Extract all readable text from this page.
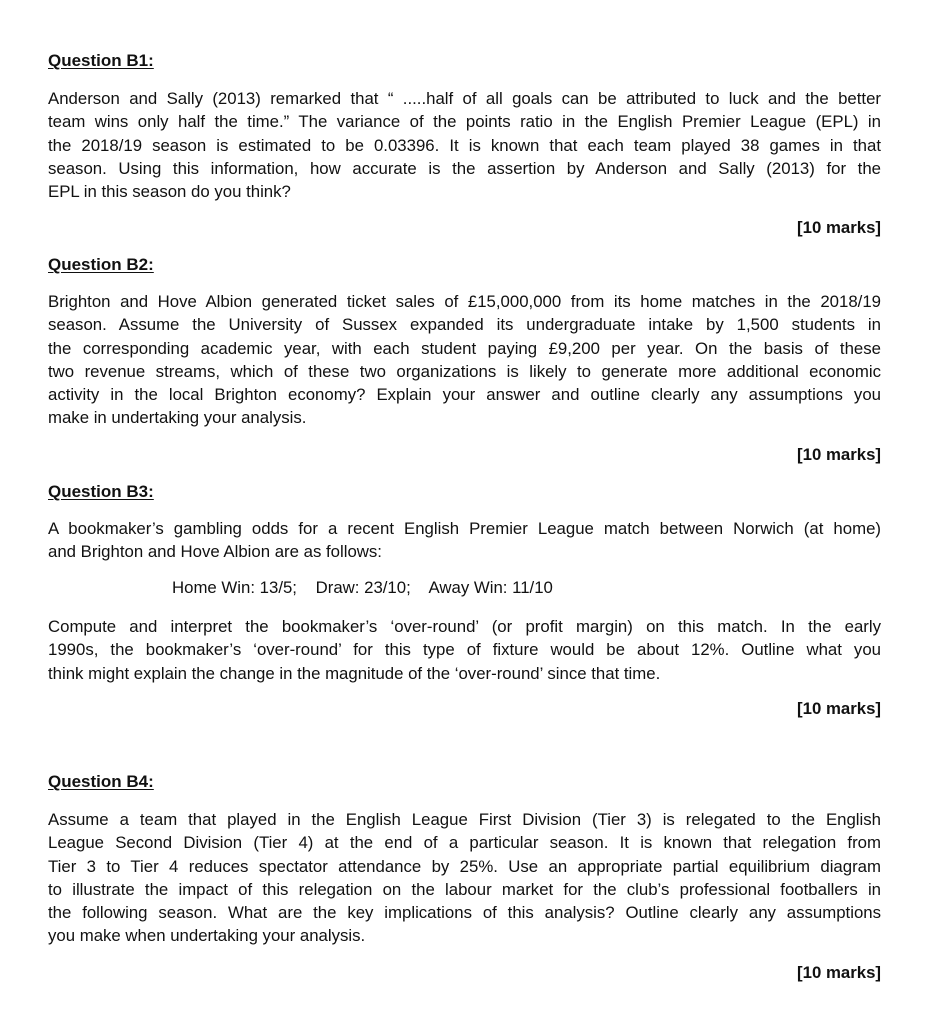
Question B1:

Anderson and Sally (2013) remarked that “ .....half of all goals can be attributed to luck and the better
team wins only half the time.” The variance of the points ratio in the English Premier League (EPL) in
the 2018/19 season is estimated to be 0.03396. It is known that each team played 38 games in that
season. Using this information, how accurate is the assertion by Anderson and Sally (2013) for the
EPL in this season do you think?

[10 marks]

Question B2:

Brighton and Hove Albion generated ticket sales of £15,000,000 from its home matches in the 2018/19
season. Assume the University of Sussex expanded its undergraduate intake by 1,500 students in
the corresponding academic year, with each student paying £9,200 per year. On the basis of these
two revenue streams, which of these two organizations is likely to generate more additional economic
activity in the local Brighton economy? Explain your answer and outline clearly any assumptions you
make in undertaking your analysis.

[10 marks]

Question B3:

A bookmaker’s gambling odds for a recent English Premier League match between Norwich (at home)
and Brighton and Hove Albion are as follows:

Home Win: 13/5;    Draw: 23/10;    Away Win: 11/10

Compute and interpret the bookmaker’s ‘over-round’ (or profit margin) on this match. In the early
1990s, the bookmaker’s ‘over-round’ for this type of fixture would be about 12%. Outline what you
think might explain the change in the magnitude of the ‘over-round’ since that time.

[10 marks]

Question B4:

Assume a team that played in the English League First Division (Tier 3) is relegated to the English
League Second Division (Tier 4) at the end of a particular season. It is known that relegation from
Tier 3 to Tier 4 reduces spectator attendance by 25%. Use an appropriate partial equilibrium diagram
to illustrate the impact of this relegation on the labour market for the club’s professional footballers in
the following season. What are the key implications of this analysis? Outline clearly any assumptions
you make when undertaking your analysis.

[10 marks]
